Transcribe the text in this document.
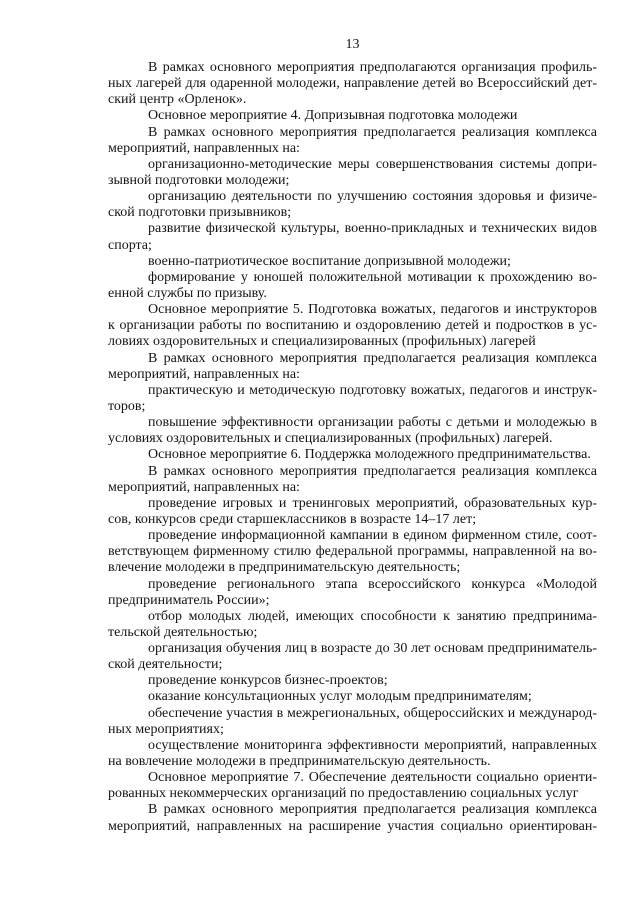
13
В рамках основного мероприятия предполагаются организация профиль-
ных лагерей для одаренной молодежи, направление детей во Всероссийский дет-
ский центр «Орленок».
Основное мероприятие 4. Допризывная подготовка молодежи
В рамках основного мероприятия предполагается реализация комплекса
мероприятий, направленных на:
организационно-методические меры совершенствования системы допри-
зывной подготовки молодежи;
организацию деятельности по улучшению состояния здоровья и физиче-
ской подготовки призывников;
развитие физической культуры, военно-прикладных и технических видов
спорта;
военно-патриотическое воспитание допризывной молодежи;
формирование у юношей положительной мотивации к прохождению во-
енной службы по призыву.
Основное мероприятие 5. Подготовка вожатых, педагогов и инструкторов
к организации работы по воспитанию и оздоровлению детей и подростков в ус-
ловиях оздоровительных и специализированных (профильных) лагерей
В рамках основного мероприятия предполагается реализация комплекса
мероприятий, направленных на:
практическую и методическую подготовку вожатых, педагогов и инструк-
торов;
повышение эффективности организации работы с детьми и молодежью в
условиях оздоровительных и специализированных (профильных) лагерей.
Основное мероприятие 6. Поддержка молодежного предпринимательства.
В рамках основного мероприятия предполагается реализация комплекса
мероприятий, направленных на:
проведение игровых и тренинговых мероприятий, образовательных кур-
сов, конкурсов среди старшеклассников в возрасте 14–17 лет;
проведение информационной кампании в едином фирменном стиле, соот-
ветствующем фирменному стилю федеральной программы, направленной на во-
влечение молодежи в предпринимательскую деятельность;
проведение регионального этапа всероссийского конкурса «Молодой
предприниматель России»;
отбор молодых людей, имеющих способности к занятию предпринима-
тельской деятельностью;
организация обучения лиц в возрасте до 30 лет основам предприниматель-
ской деятельности;
проведение конкурсов бизнес-проектов;
оказание консультационных услуг молодым предпринимателям;
обеспечение участия в межрегиональных, общероссийских и международ-
ных мероприятиях;
осуществление мониторинга эффективности мероприятий, направленных
на вовлечение молодежи в предпринимательскую деятельность.
Основное мероприятие 7. Обеспечение деятельности социально ориенти-
рованных некоммерческих организаций по предоставлению социальных услуг
В рамках основного мероприятия предполагается реализация комплекса
мероприятий, направленных на расширение участия социально ориентирован-
